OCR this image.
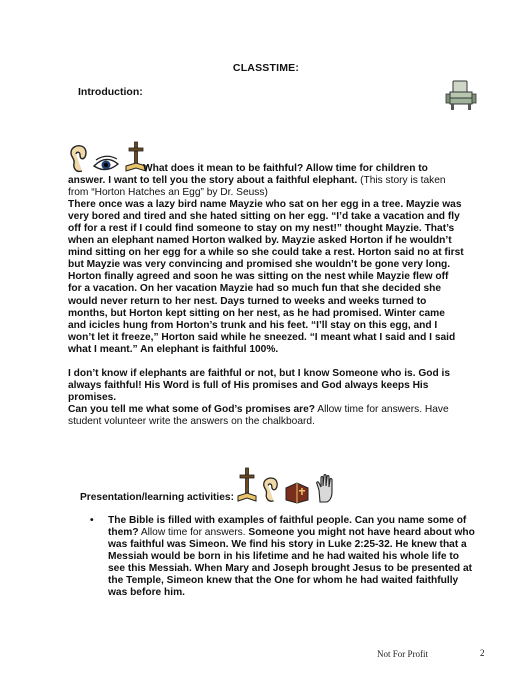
CLASSTIME:
Introduction:

What does it mean to be faithful? Allow time for children to answer. I want to tell you the story about a faithful elephant. (This story is taken from “Horton Hatches an Egg” by Dr. Seuss)
There once was a lazy bird name Mayzie who sat on her egg in a tree. Mayzie was very bored and tired and she hated sitting on her egg. “I’d take a vacation and fly off for a rest if I could find someone to stay on my nest!” thought Mayzie. That’s when an elephant named Horton walked by. Mayzie asked Horton if he wouldn’t mind sitting on her egg for a while so she could take a rest. Horton said no at first but Mayzie was very convincing and promised she wouldn’t be gone very long. Horton finally agreed and soon he was sitting on the nest while Mayzie flew off for a vacation. On her vacation Mayzie had so much fun that she decided she would never return to her nest. Days turned to weeks and weeks turned to months, but Horton kept sitting on her nest, as he had promised. Winter came and icicles hung from Horton’s trunk and his feet. “I’ll stay on this egg, and I won’t let it freeze,” Horton said while he sneezed. “I meant what I said and I said what I meant.” An elephant is faithful 100%.
I don’t know if elephants are faithful or not, but I know Someone who is. God is always faithful! His Word is full of His promises and God always keeps His promises.
Can you tell me what some of God’s promises are? Allow time for answers. Have student volunteer write the answers on the chalkboard.
Presentation/learning activities:

• The Bible is filled with examples of faithful people. Can you name some of them? Allow time for answers. Someone you might not have heard about who was faithful was Simeon. We find his story in Luke 2:25-32. He knew that a Messiah would be born in his lifetime and he had waited his whole life to see this Messiah. When Mary and Joseph brought Jesus to be presented at the Temple, Simeon knew that the One for whom he had waited faithfully was before him.
Not For Profit	2
